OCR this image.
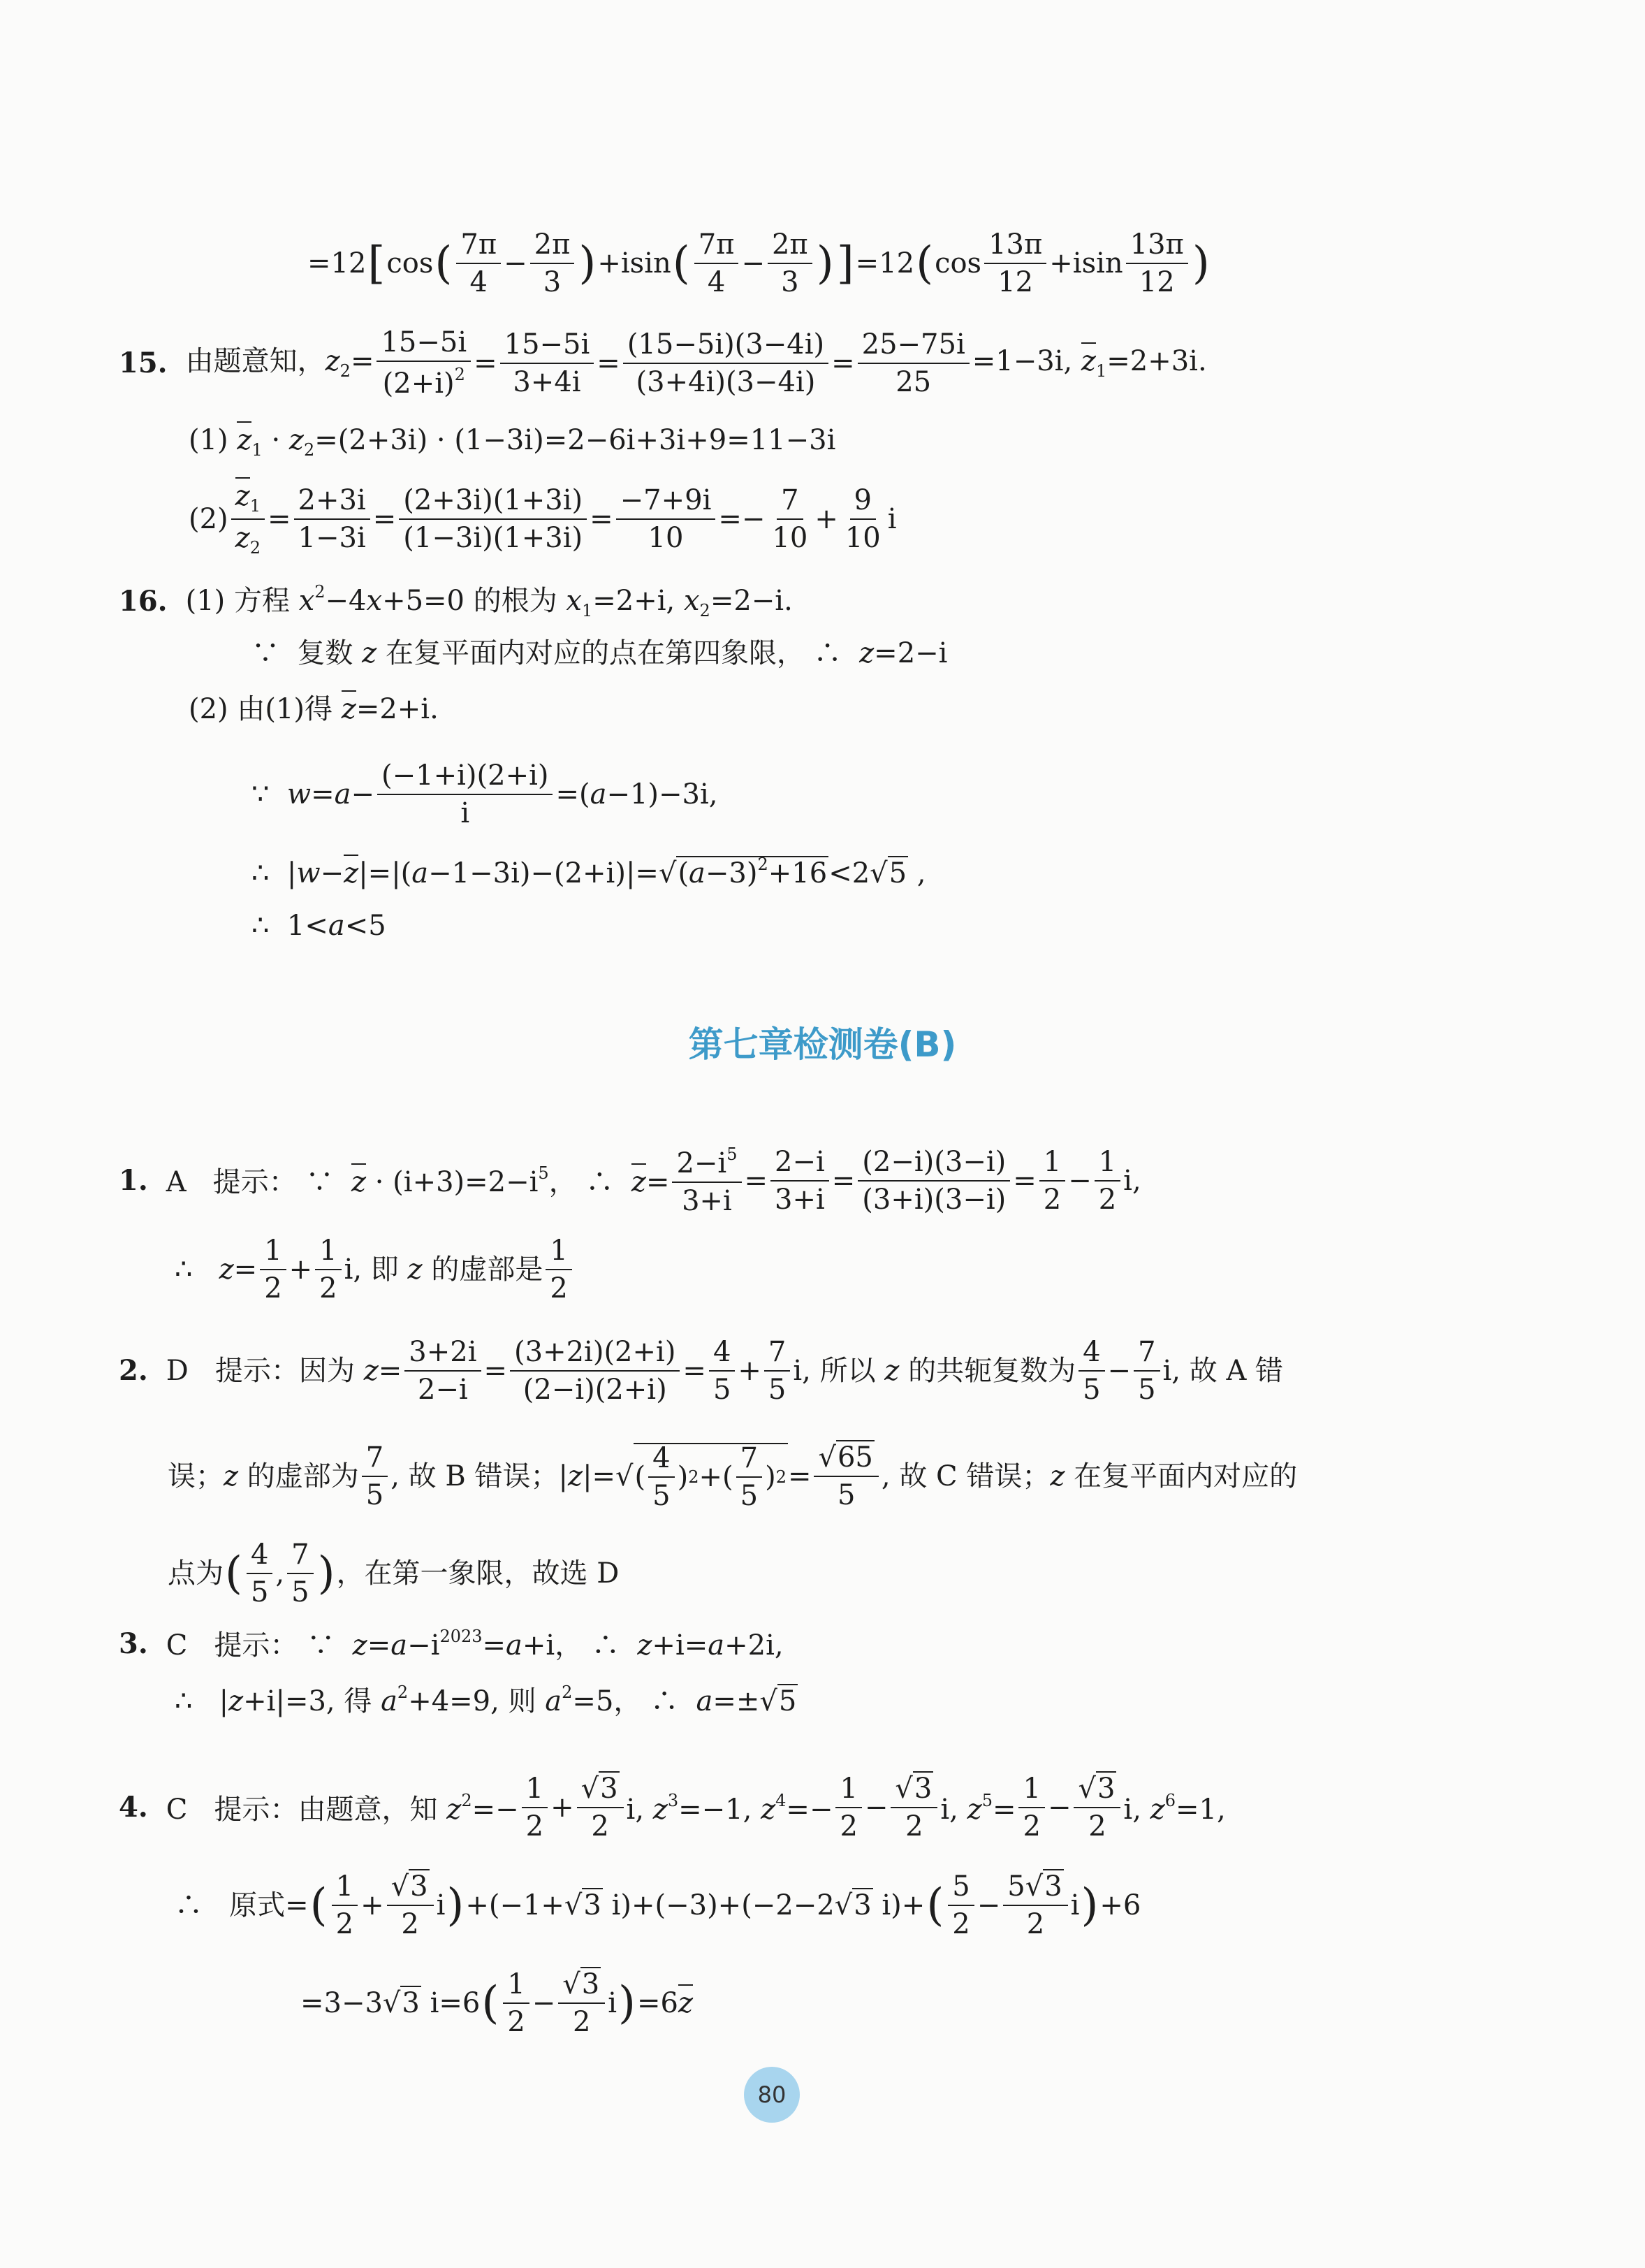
=12 [ cos ( 7π
4
− $\frac{2\pi}{3}$ ) +isin ( 7π
4
− $\frac{2\pi}{3}$ ) ] =12 ( cos
13π
12
+isin
13π
12 )
15. 由题意知，$z_2= \frac{15-5i}{(2+i)^2} = \frac{15-5i}{3+4i} = \frac{(15-5i)(3-4i)}{(3+4i)(3-4i)} = \frac{25-75i}{25} =1-3i$, $z_1=2+3i$.
(1) $z_1 \cdot z_2=(2+3i) \cdot (1-3i)=2-6i+3i+9=11-3i$
$(2) \frac{z_1}{z_2} = \frac{2+3i}{1-3i} = \frac{(2+3i)(1+3i)}{(1-3i)(1+3i)} = \frac{-7+9i}{10} =- \frac{7}{10} + \frac{9}{10}$ i
16. (1) 方程 $x^2-4x+5=0$ 的根为 $x_1=2+i$, $x_2=2-i$.
∵  复数 z 在复平面内对应的点在第四象限， ∴  z=2−i
(2) 由(1)得 z=2+i.
∵  $w=a- \frac{(-1+i)(2+i)}{i} =(a-1)-3i$,
∴  $|w-z|=|(a-1-3i)-(2+i)|=√(a-3)^2+16<2√5$ ,
∴  1<a<5
第七章检测卷(B)
1. A   提示： ∵  $z \cdot (i+3)=2-i^5$， ∴  $z= \frac{2-i^5}{3+i} = \frac{2-i}{3+i} = \frac{(2-i)(3-i)}{(3+i)(3-i)} = \frac{1}{2} - \frac{1}{2} i$,
∴   $z= \frac{1}{2} + \frac{1}{2} i$, 即 z 的虚部是
1
2
2. D   提示：因为 $z= \frac{3+2i}{2-i} = \frac{(3+2i)(2+i)}{(2-i)(2+i)} = \frac{4}{5} + \frac{7}{5} i$, 所以 z 的共轭复数为
4
5
− $\frac{7}{5} i$, 故 A 错
误；z 的虚部为
7
5
, 故 B 错误；|z|=√ (
4
5
) 2 +(
7
5
) $2 = \frac{√65}{5}$ , 故 C 错误；z 在复平面内对应的
点为 ( 4
5
,
7
5 ) ，在第一象限，故选 D
3. C   提示： ∵  $z=a-i^{2023}=a+i$， ∴  z+i=a+2i,
∴   |z+i|=3, 得 $a^2+4=9$, 则 $a^2=5$， ∴  a=±√5
4. C   提示：由题意，知 $z^2=- \frac{1}{2} + \frac{√3}{2} i$, $z^3=-1$, $z^4=- \frac{1}{2} - \frac{√3}{2} i$, $z^5= \frac{1}{2} - \frac{√3}{2} i$, $z^6=1$,
∴   原式= ( 1
2
+ $\frac{√3}{2}$ i ) +(−1+√3 i)+(−3)+(−2−2√3 i)+ ( 5
2
− $\frac{5√3}{2}$ i ) +6
=3−3√3 i=6 ( 1
2
− $\frac{√3}{2}$ i ) =6z
80
